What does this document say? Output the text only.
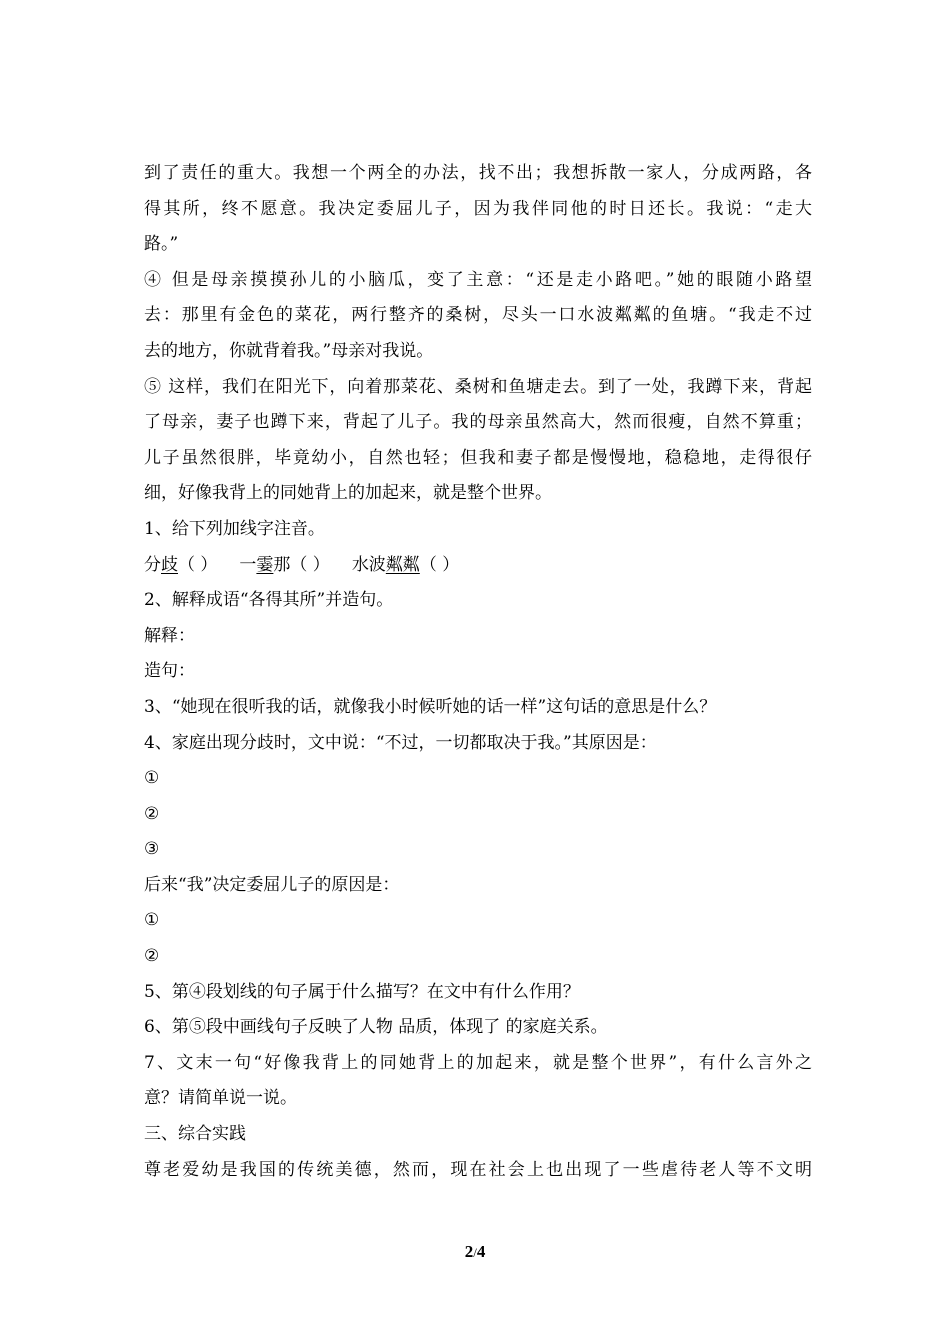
到了责任的重大。我想一个两全的办法，找不出；我想拆散一家人，分成两路，各
得其所，终不愿意。我决定委屈儿子，因为我伴同他的时日还长。我说：“走大
路。”
④ 但是母亲摸摸孙儿的小脑瓜，变了主意：“还是走小路吧。”她的眼随小路望
去：那里有金色的菜花，两行整齐的桑树，尽头一口水波粼粼的鱼塘。“我走不过
去的地方，你就背着我。”母亲对我说。
⑤ 这样，我们在阳光下，向着那菜花、桑树和鱼塘走去。到了一处，我蹲下来，背起
了母亲，妻子也蹲下来，背起了儿子。我的母亲虽然高大，然而很瘦，自然不算重；
儿子虽然很胖，毕竟幼小，自然也轻；但我和妻子都是慢慢地，稳稳地，走得很仔
细，好像我背上的同她背上的加起来，就是整个世界。
1、给下列加线字注音。
分歧（ ） 一霎那（ ） 水波粼粼（ ）
2、解释成语“各得其所”并造句。
解释：
造句：
3、“她现在很听我的话，就像我小时候听她的话一样”这句话的意思是什么？
4、家庭出现分歧时，文中说：“不过，一切都取决于我。”其原因是：
①
②
③
后来“我”决定委屈儿子的原因是：
①
②
5、第④段划线的句子属于什么描写？在文中有什么作用？
6、第⑤段中画线句子反映了人物 品质，体现了 的家庭关系。
7、文末一句“好像我背上的同她背上的加起来，就是整个世界”，有什么言外之
意？请简单说一说。
三、综合实践
尊老爱幼是我国的传统美德，然而，现在社会上也出现了一些虐待老人等不文明
2/4
